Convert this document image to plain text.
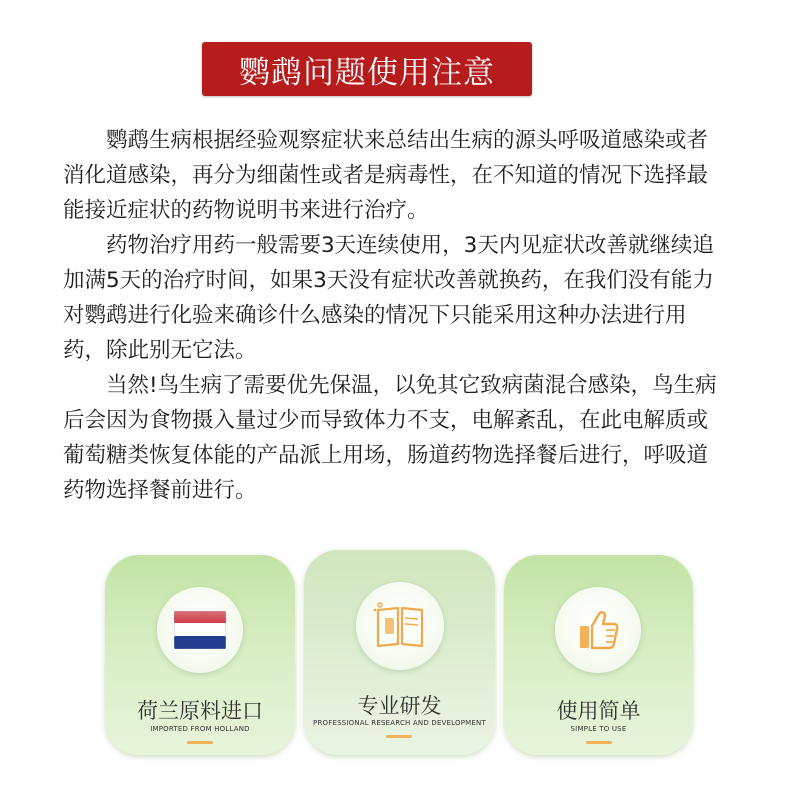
鹦鹉问题使用注意

鹦鹉生病根据经验观察症状来总结出生病的源头呼吸道感染或者消化道感染，再分为细菌性或者是病毒性，在不知道的情况下选择最能接近症状的药物说明书来进行治疗。

药物治疗用药一般需要3天连续使用，3天内见症状改善就继续追加满5天的治疗时间，如果3天没有症状改善就换药，在我们没有能力对鹦鹉进行化验来确诊什么感染的情况下只能采用这种办法进行用药，除此别无它法。

当然!鸟生病了需要优先保温，以免其它致病菌混合感染，鸟生病后会因为食物摄入量过少而导致体力不支，电解紊乱，在此电解质或葡萄糖类恢复体能的产品派上用场，肠道药物选择餐后进行，呼吸道药物选择餐前进行。

荷兰原料进口
IMPORTED FROM HOLLAND
专业研发
PROFESSIONAL RESEARCH AND DEVELOPMENT	使用简单
SIMPLE TO USE
